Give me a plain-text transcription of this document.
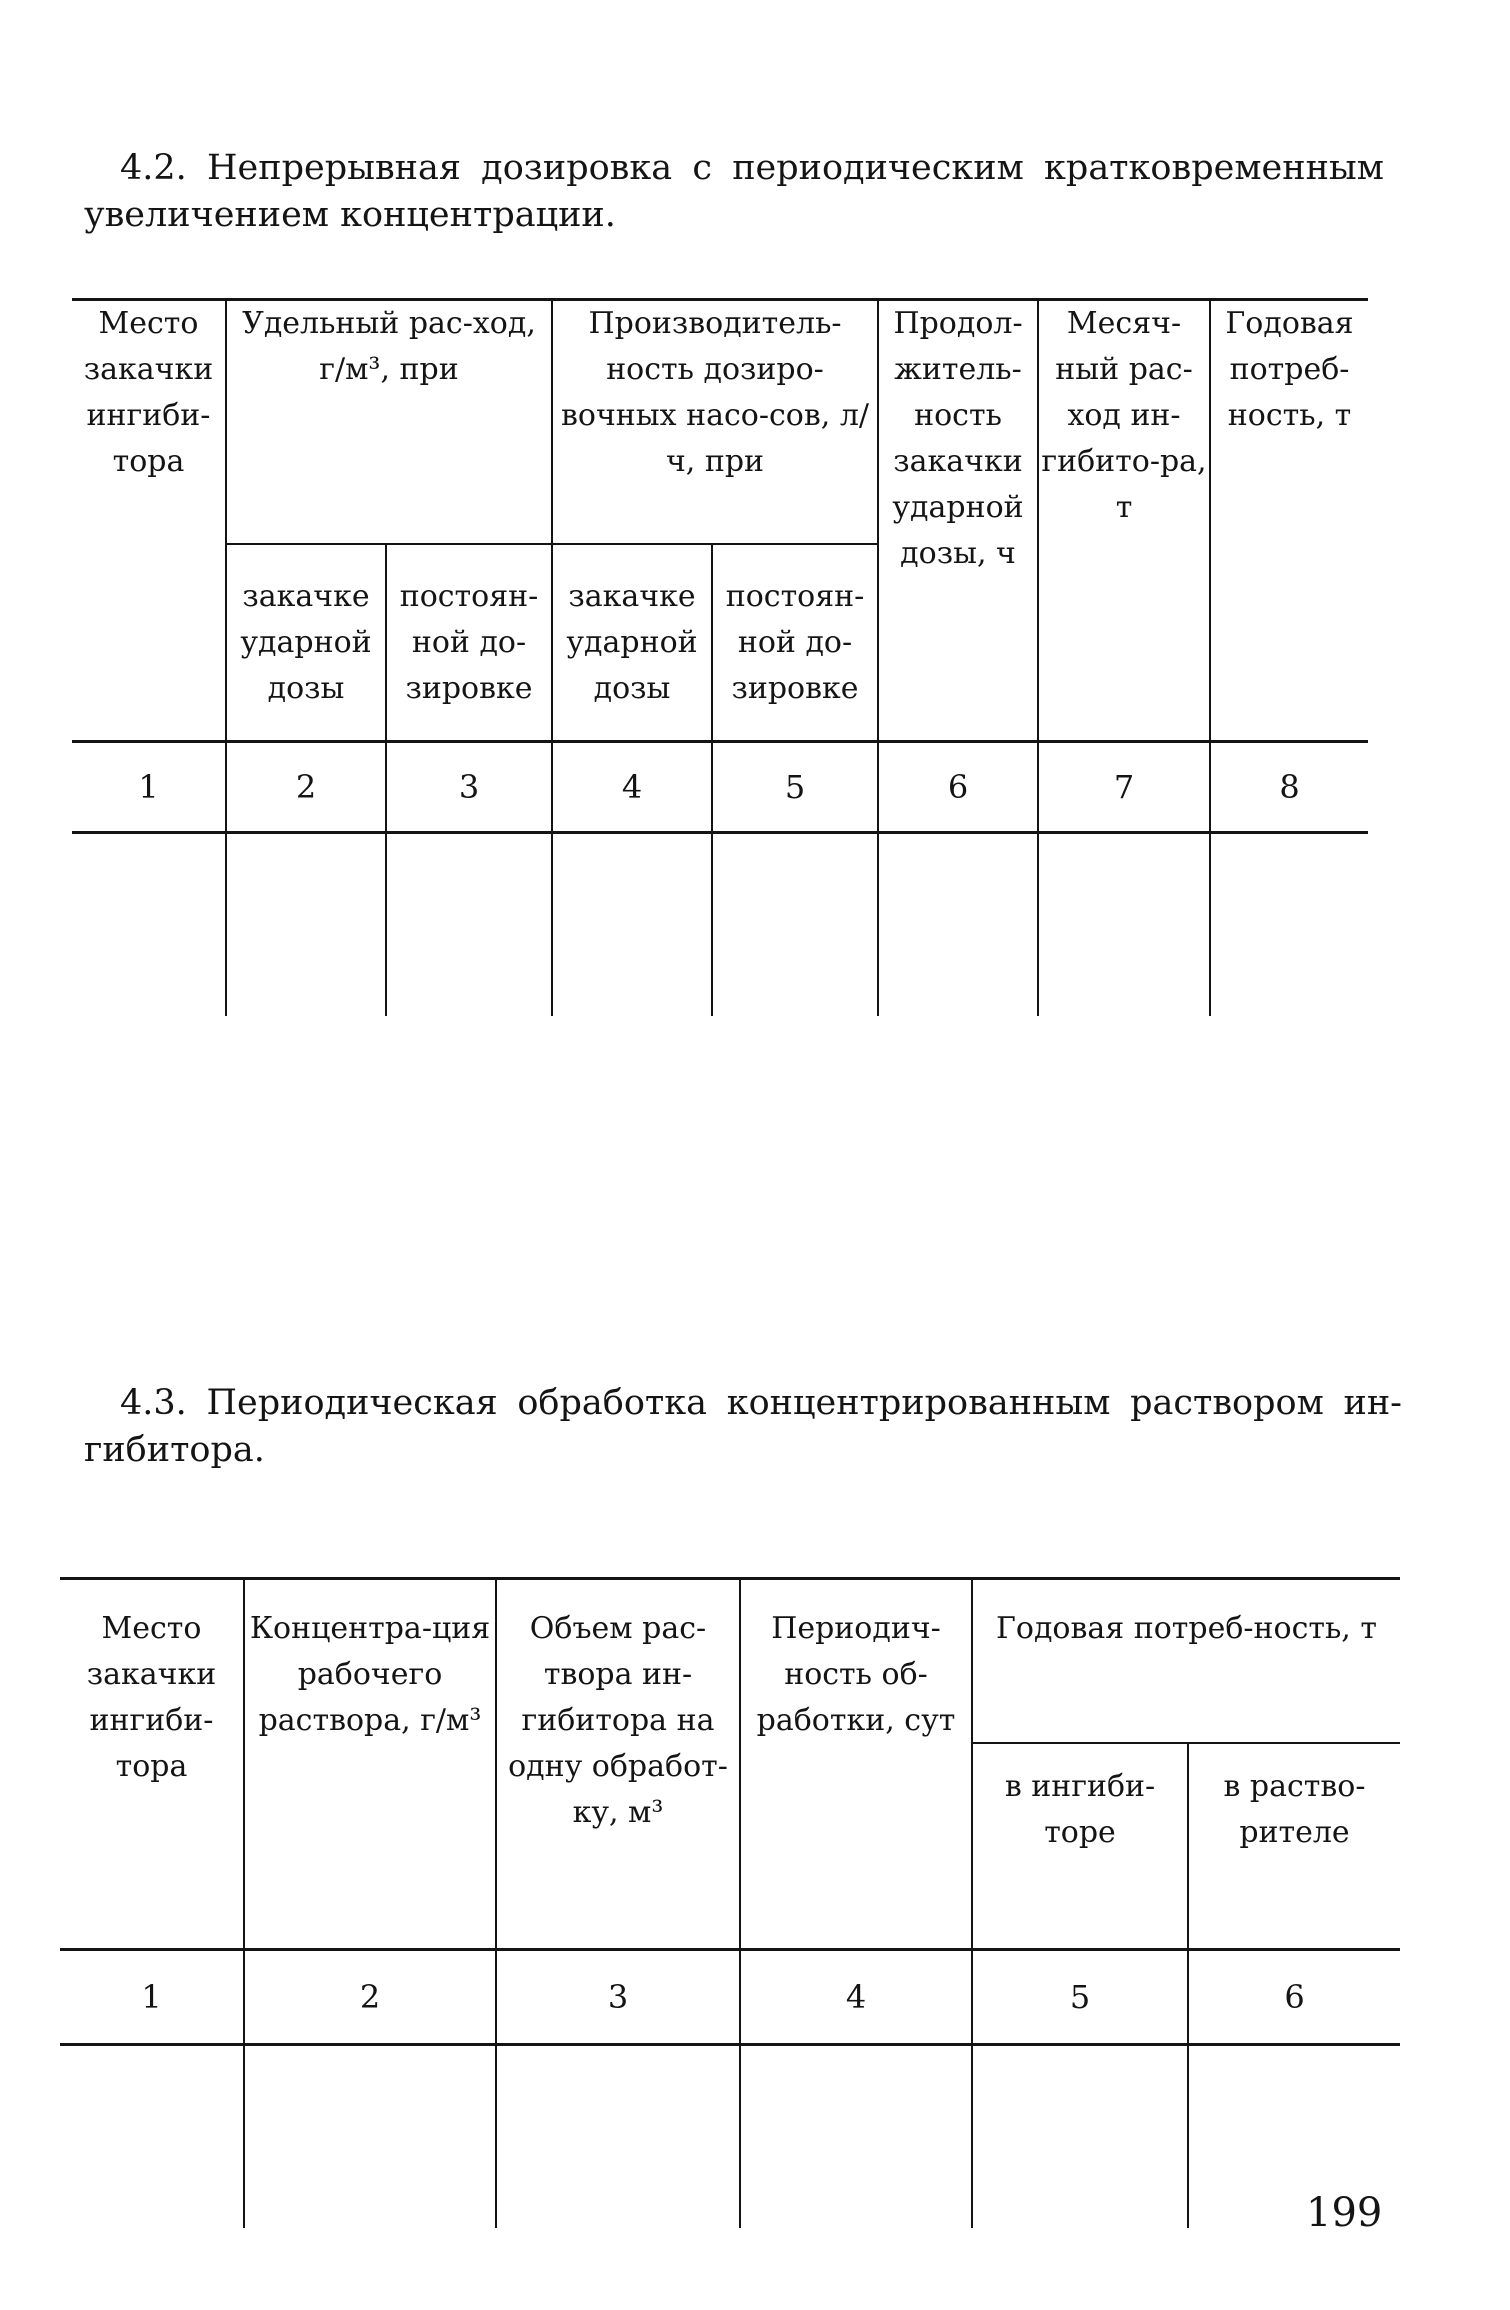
4.2. Непрерывная дозировка с периодическим кратковременным увеличением концентрации.

Место закачки ингиби-тора	Удельный рас-ход, г/м³, при		Производитель-ность дозиро-вочных насо-сов, л/ч, при		Продол-житель-ность закачки ударной дозы, ч	Месяч-ный рас-ход ин-гибито-ра, т	Годовая потреб-ность, т
	закачке ударной дозы	постоян-ной до-зировке	закачке ударной дозы	постоян-ной до-зировке			
1	2	3	4	5	6	7	8

4.3. Периодическая обработка концентрированным раствором ин-гибитора.

Место закачки ингиби-тора	Концентра-ция рабочего раствора, г/м³	Объем рас-твора ин-гибитора на одну обработ-ку, м³	Периодич-ность об-работки, сут	Годовая потреб-ность, т	
				в ингиби-торе	в раство-рителе
1	2	3	4	5	6

199
